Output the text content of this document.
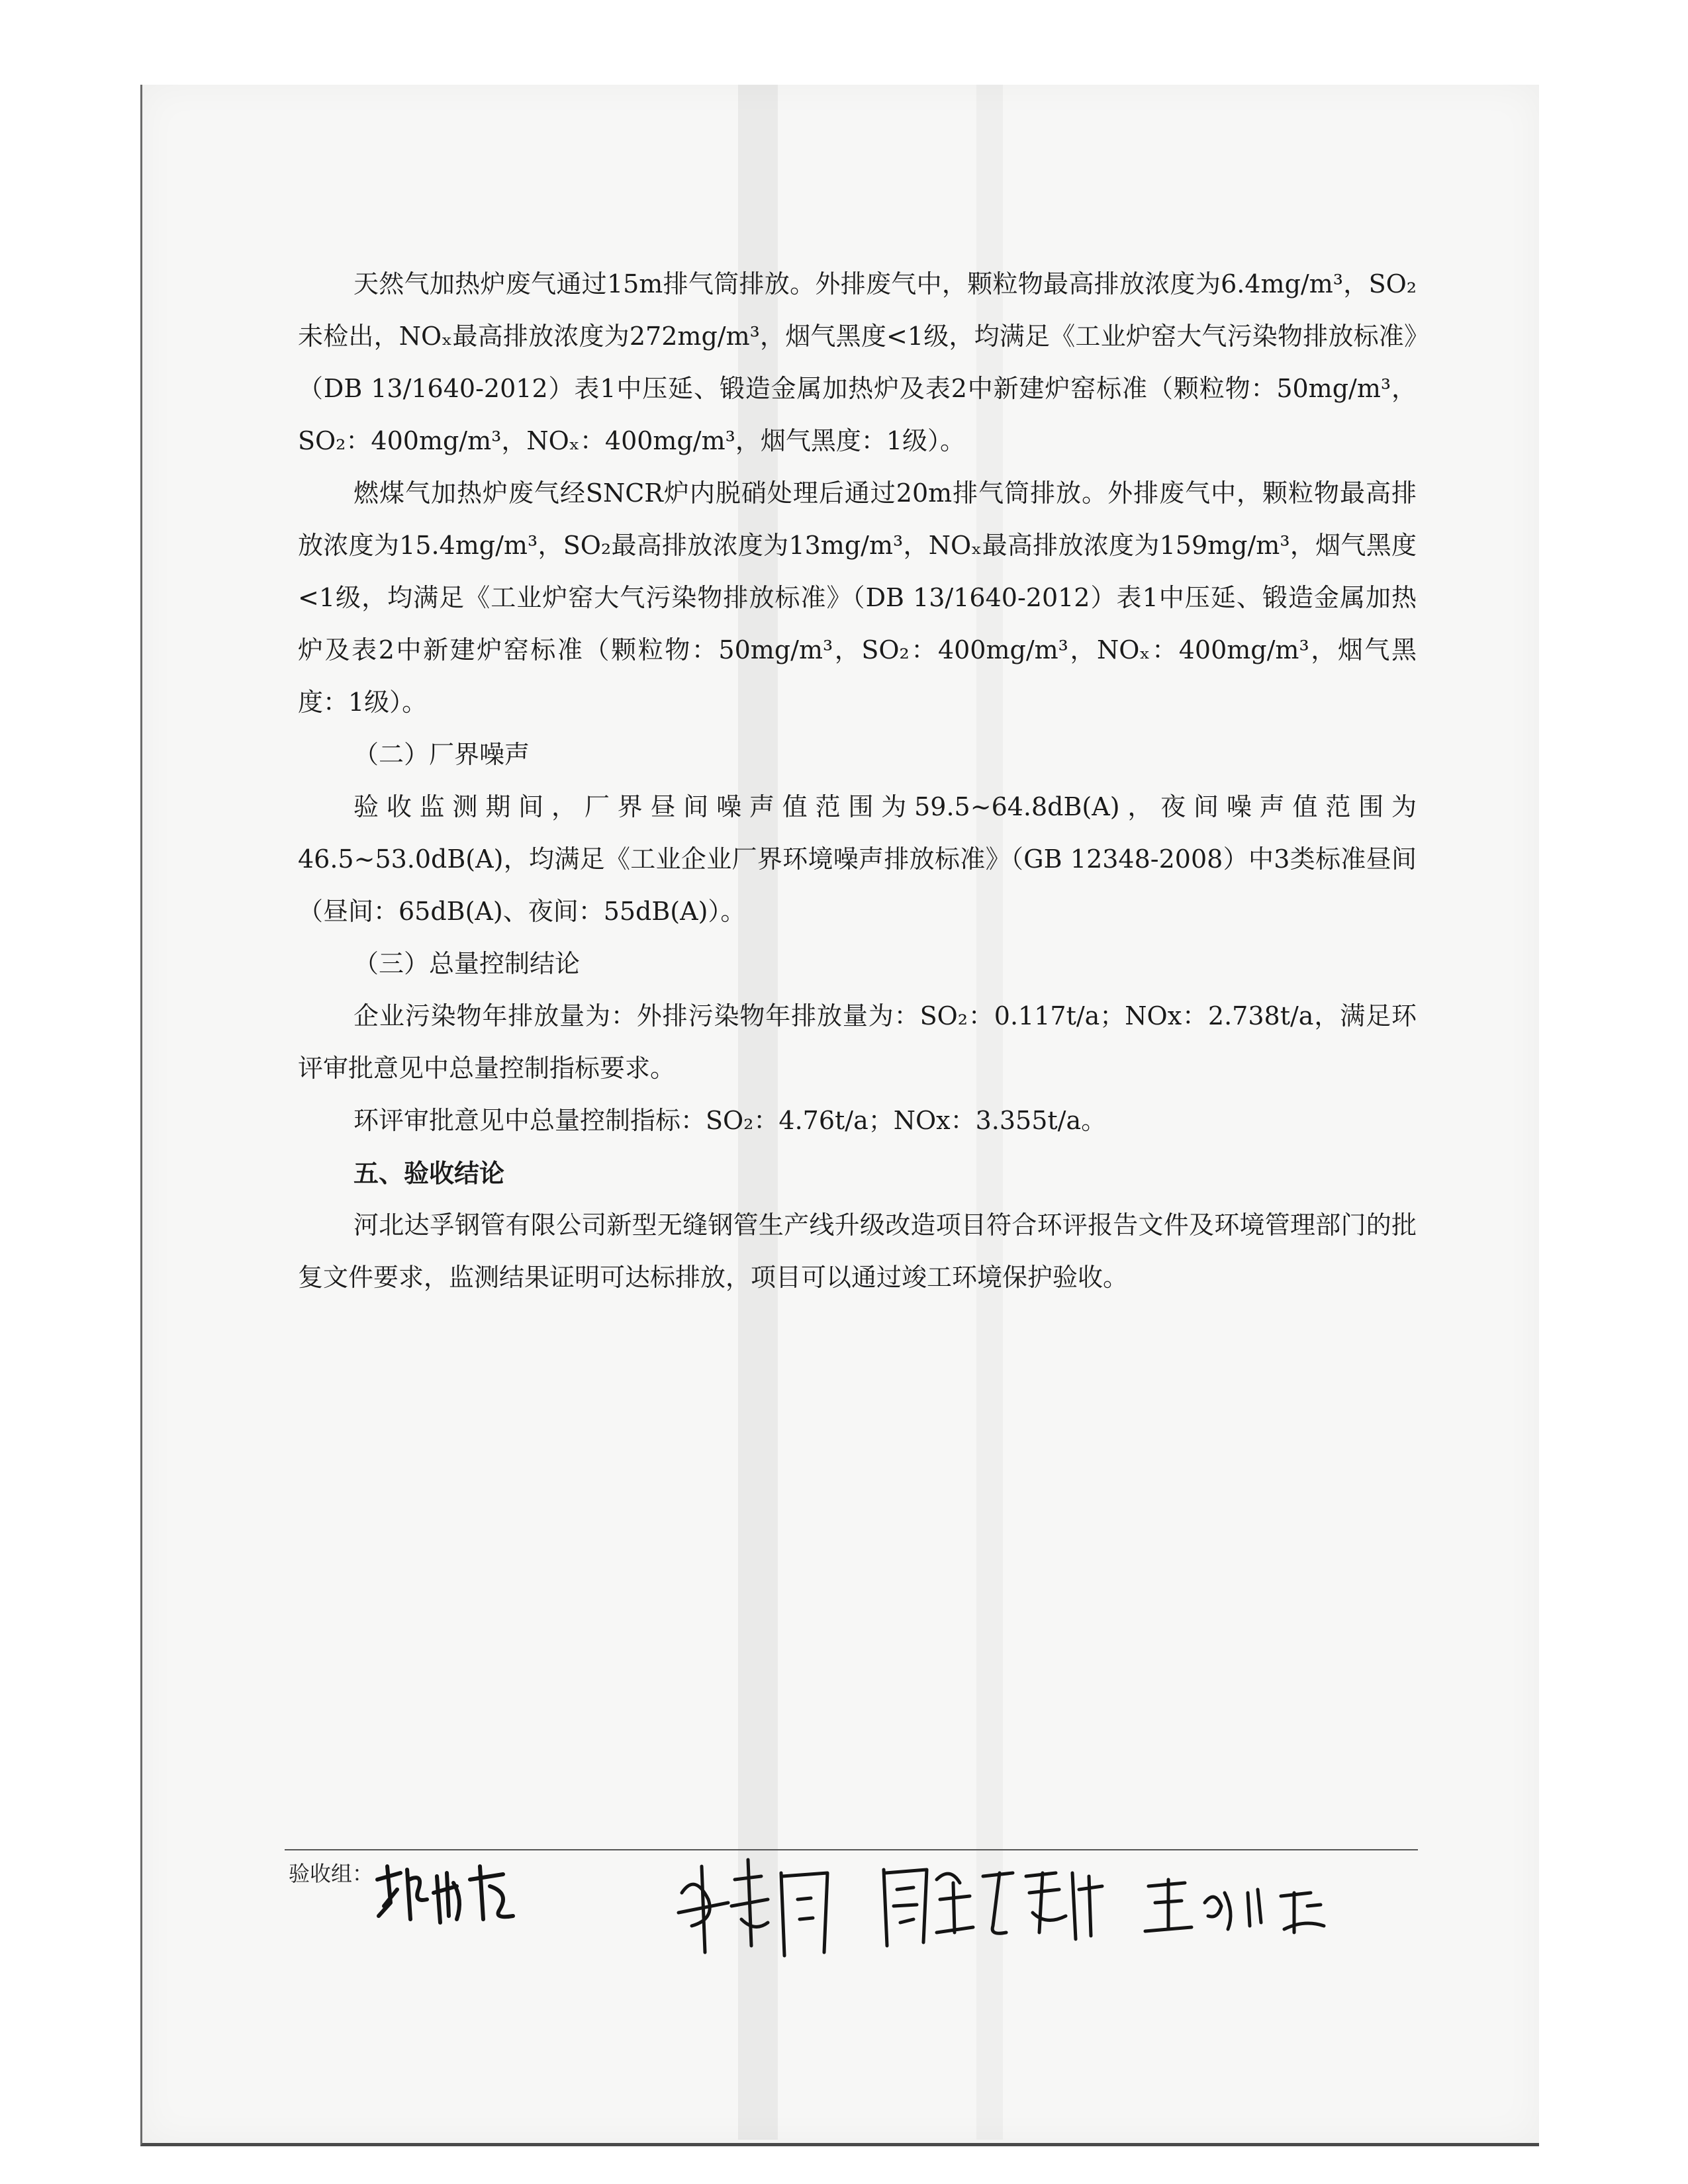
天然气加热炉废气通过15m排气筒排放。外排废气中，颗粒物最高排放浓度为6.4mg/m³，SO₂未检出，NOₓ最高排放浓度为272mg/m³，烟气黑度<1级，均满足《工业炉窑大气污染物排放标准》（DB 13/1640-2012）表1中压延、锻造金属加热炉及表2中新建炉窑标准（颗粒物：50mg/m³，SO₂：400mg/m³，NOₓ：400mg/m³，烟气黑度：1级）。

燃煤气加热炉废气经SNCR炉内脱硝处理后通过20m排气筒排放。外排废气中，颗粒物最高排放浓度为15.4mg/m³，SO₂最高排放浓度为13mg/m³，NOₓ最高排放浓度为159mg/m³，烟气黑度<1级，均满足《工业炉窑大气污染物排放标准》（DB 13/1640-2012）表1中压延、锻造金属加热炉及表2中新建炉窑标准（颗粒物：50mg/m³，SO₂：400mg/m³，NOₓ：400mg/m³，烟气黑度：1级）。

（二）厂界噪声

验收监测期间，厂界昼间噪声值范围为59.5~64.8dB(A)，夜间噪声值范围为46.5~53.0dB(A)，均满足《工业企业厂界环境噪声排放标准》（GB 12348-2008）中3类标准昼间（昼间：65dB(A)、夜间：55dB(A)）。

（三）总量控制结论

企业污染物年排放量为：外排污染物年排放量为：SO₂：0.117t/a；NOx：2.738t/a，满足环评审批意见中总量控制指标要求。

环评审批意见中总量控制指标：SO₂：4.76t/a；NOx：3.355t/a。

五、验收结论

河北达孚钢管有限公司新型无缝钢管生产线升级改造项目符合环评报告文件及环境管理部门的批复文件要求，监测结果证明可达标排放，项目可以通过竣工环境保护验收。

验收组：
